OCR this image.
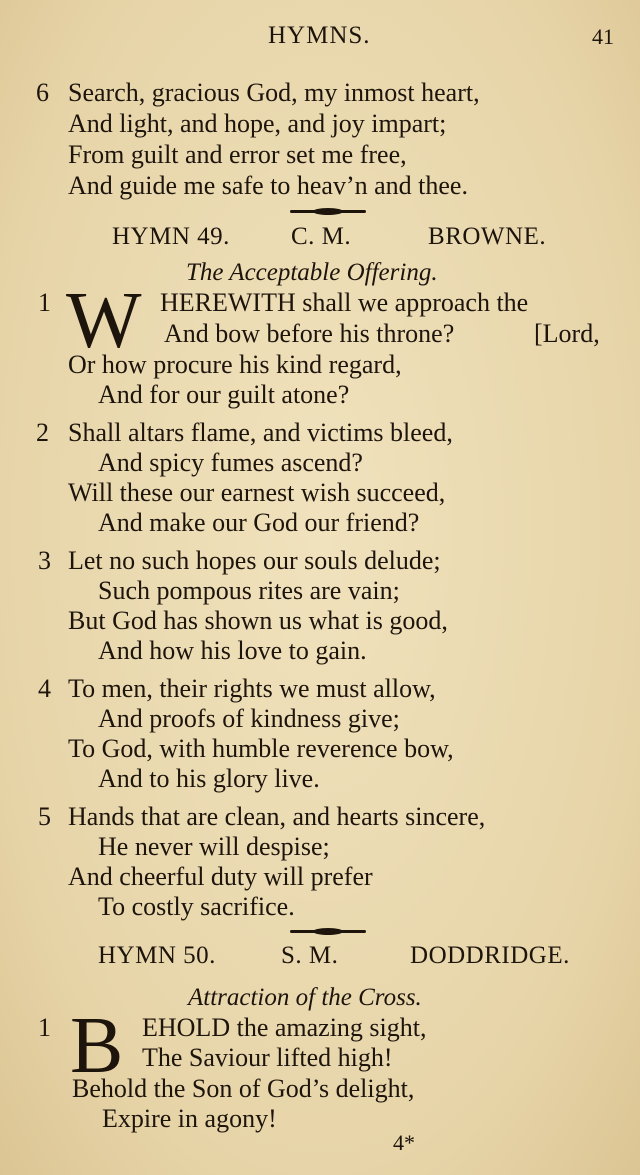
HYMNS.	41
6 Search, gracious God, my inmost heart,
And light, and hope, and joy impart;
From guilt and error set me free,
And guide me safe to heav’n and thee.
HYMN 49. C. M.	BROWNE.
The Acceptable Offering.
1 W HEREWITH shall we approach the
And bow before his throne?	[Lord,
Or how procure his kind regard,
And for our guilt atone?
2 Shall altars flame, and victims bleed,
And spicy fumes ascend?
Will these our earnest wish succeed,
And make our God our friend?
3 Let no such hopes our souls delude;
Such pompous rites are vain;
But God has shown us what is good,
And how his love to gain.
4 To men, their rights we must allow,
And proofs of kindness give;
To God, with humble reverence bow,
And to his glory live.
5 Hands that are clean, and hearts sincere,
He never will despise;
And cheerful duty will prefer
To costly sacrifice.
HYMN 50.	S. M.	DODDRIDGE.
Attraction of the Cross.
1 B EHOLD the amazing sight,
The Saviour lifted high!
Behold the Son of God’s delight,
Expire in agony!
4*
